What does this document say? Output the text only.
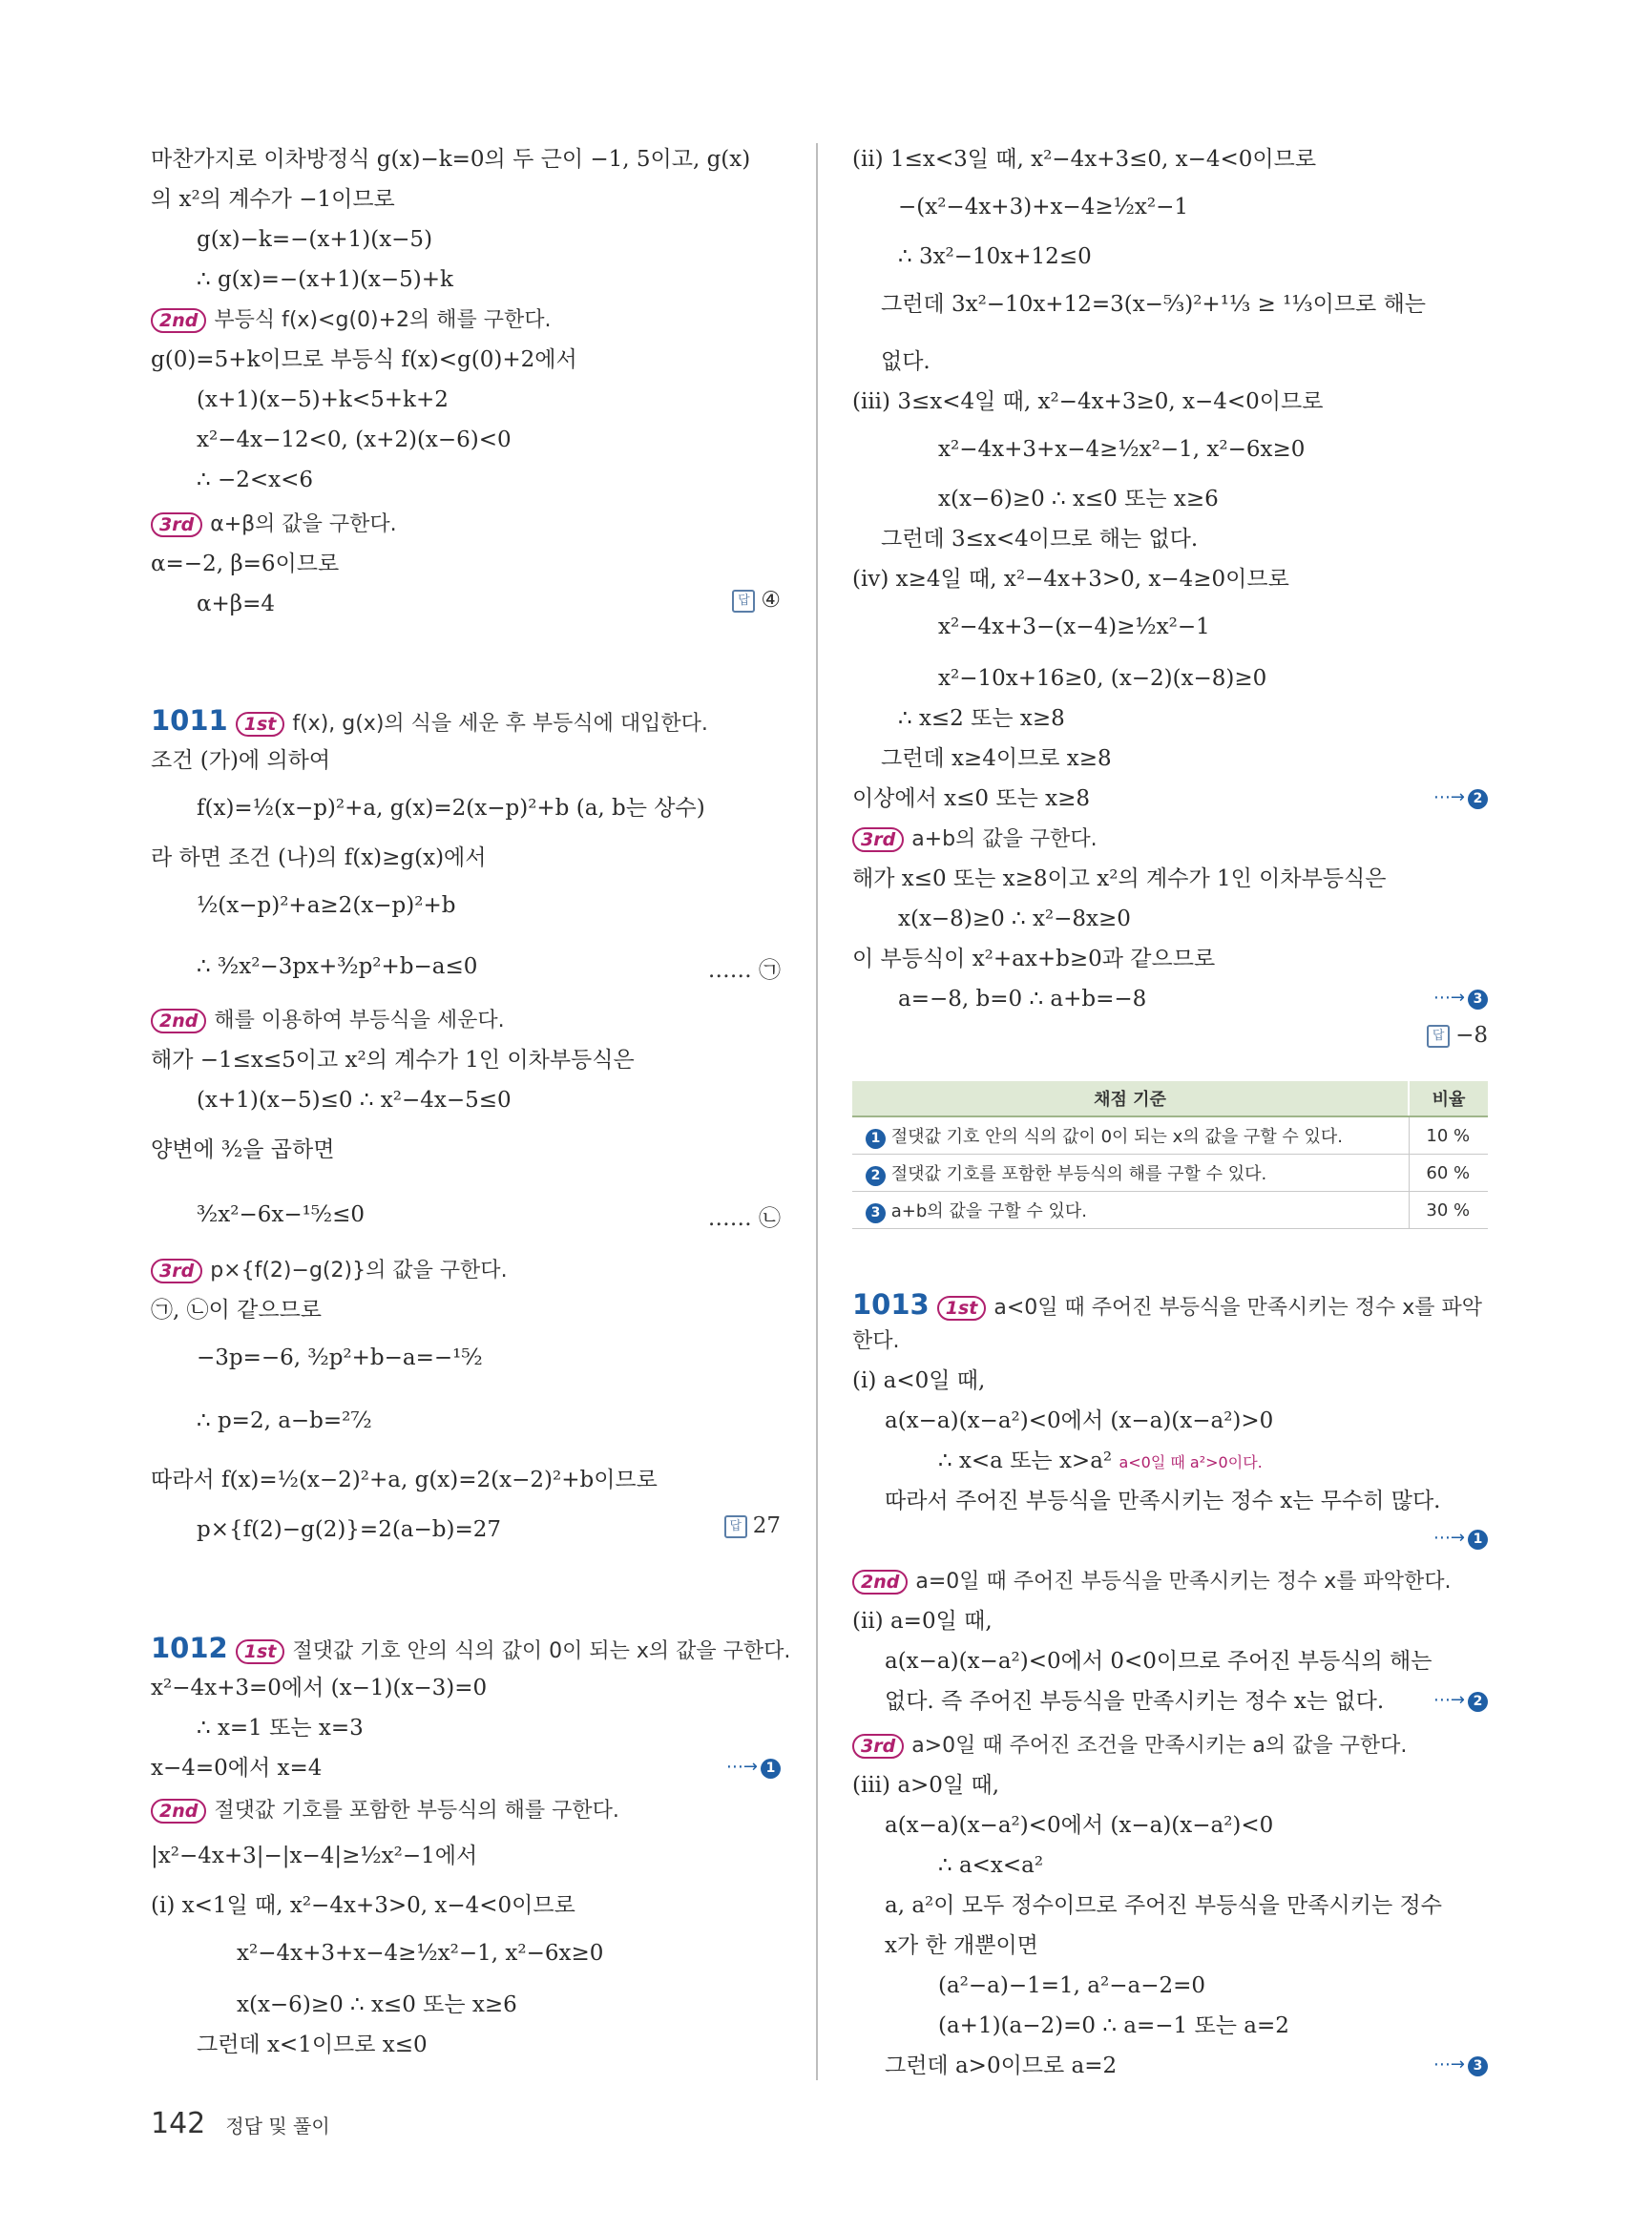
마찬가지로 이차방정식 g(x)−k=0의 두 근이 −1, 5이고, g(x)
의 x²의 계수가 −1이므로
g(x)−k=−(x+1)(x−5)
∴ g(x)=−(x+1)(x−5)+k
2nd 부등식 f(x)<g(0)+2의 해를 구한다.
g(0)=5+k이므로 부등식 f(x)<g(0)+2에서
(x+1)(x−5)+k<5+k+2
x²−4x−12<0, (x+2)(x−6)<0
∴ −2<x<6
3rd α+β의 값을 구한다.
α=−2, β=6이므로
α+β=4	답 ④
1011 1st f(x), g(x)의 식을 세운 후 부등식에 대입한다.
조건 (가)에 의하여
f(x)=½(x−p)²+a, g(x)=2(x−p)²+b (a, b는 상수)
라 하면 조건 (나)의 f(x)≥g(x)에서
½(x−p)²+a≥2(x−p)²+b
∴ ³⁄₂x²−3px+³⁄₂p²+b−a≤0	…… ㉠
2nd 해를 이용하여 부등식을 세운다.
해가 −1≤x≤5이고 x²의 계수가 1인 이차부등식은
(x+1)(x−5)≤0 ∴ x²−4x−5≤0
양변에 ³⁄₂을 곱하면
³⁄₂x²−6x−¹⁵⁄₂≤0	…… ㉡
3rd p×{f(2)−g(2)}의 값을 구한다.
㉠, ㉡이 같으므로
−3p=−6, ³⁄₂p²+b−a=−¹⁵⁄₂
∴ p=2, a−b=²⁷⁄₂
따라서 f(x)=½(x−2)²+a, g(x)=2(x−2)²+b이므로
p×{f(2)−g(2)}=2(a−b)=27	답 27
1012 1st 절댓값 기호 안의 식의 값이 0이 되는 x의 값을 구한다.
x²−4x+3=0에서 (x−1)(x−3)=0
∴ x=1 또는 x=3
x−4=0에서 x=4	⋯→ 1
2nd 절댓값 기호를 포함한 부등식의 해를 구한다.
|x²−4x+3|−|x−4|≥½x²−1에서
(i) x<1일 때, x²−4x+3>0, x−4<0이므로
x²−4x+3+x−4≥½x²−1, x²−6x≥0
x(x−6)≥0 ∴ x≤0 또는 x≥6
그런데 x<1이므로 x≤0
(ii) 1≤x<3일 때, x²−4x+3≤0, x−4<0이므로
−(x²−4x+3)+x−4≥½x²−1
∴ 3x²−10x+12≤0
그런데 3x²−10x+12=3(x−⁵⁄₃)²+¹¹⁄₃ ≥ ¹¹⁄₃이므로 해는
없다.
(iii) 3≤x<4일 때, x²−4x+3≥0, x−4<0이므로
x²−4x+3+x−4≥½x²−1, x²−6x≥0
x(x−6)≥0 ∴ x≤0 또는 x≥6
그런데 3≤x<4이므로 해는 없다.
(iv) x≥4일 때, x²−4x+3>0, x−4≥0이므로
x²−4x+3−(x−4)≥½x²−1
x²−10x+16≥0, (x−2)(x−8)≥0
∴ x≤2 또는 x≥8
그런데 x≥4이므로 x≥8
이상에서 x≤0 또는 x≥8	⋯→ 2
3rd a+b의 값을 구한다.
해가 x≤0 또는 x≥8이고 x²의 계수가 1인 이차부등식은
x(x−8)≥0 ∴ x²−8x≥0
이 부등식이 x²+ax+b≥0과 같으므로
a=−8, b=0 ∴ a+b=−8	⋯→ 3
답 −8
1013 1st a<0일 때 주어진 부등식을 만족시키는 정수 x를 파악
한다.
(i) a<0일 때,
a(x−a)(x−a²)<0에서 (x−a)(x−a²)>0
∴ x<a 또는 x>a² a<0일 때 a²>0이다.
따라서 주어진 부등식을 만족시키는 정수 x는 무수히 많다.
⋯→ 1
2nd a=0일 때 주어진 부등식을 만족시키는 정수 x를 파악한다.
(ii) a=0일 때,
a(x−a)(x−a²)<0에서 0<0이므로 주어진 부등식의 해는
없다. 즉 주어진 부등식을 만족시키는 정수 x는 없다.	⋯→ 2
3rd a>0일 때 주어진 조건을 만족시키는 a의 값을 구한다.
(iii) a>0일 때,
a(x−a)(x−a²)<0에서 (x−a)(x−a²)<0
∴ a<x<a²
a, a²이 모두 정수이므로 주어진 부등식을 만족시키는 정수
x가 한 개뿐이면
(a²−a)−1=1, a²−a−2=0
(a+1)(a−2)=0 ∴ a=−1 또는 a=2
그런데 a>0이므로 a=2	⋯→ 3
채점 기준	비율
1 절댓값 기호 안의 식의 값이 0이 되는 x의 값을 구할 수 있다.	10 %
2 절댓값 기호를 포함한 부등식의 해를 구할 수 있다.	60 %
3 a+b의 값을 구할 수 있다.	30 %
142 정답 및 풀이
